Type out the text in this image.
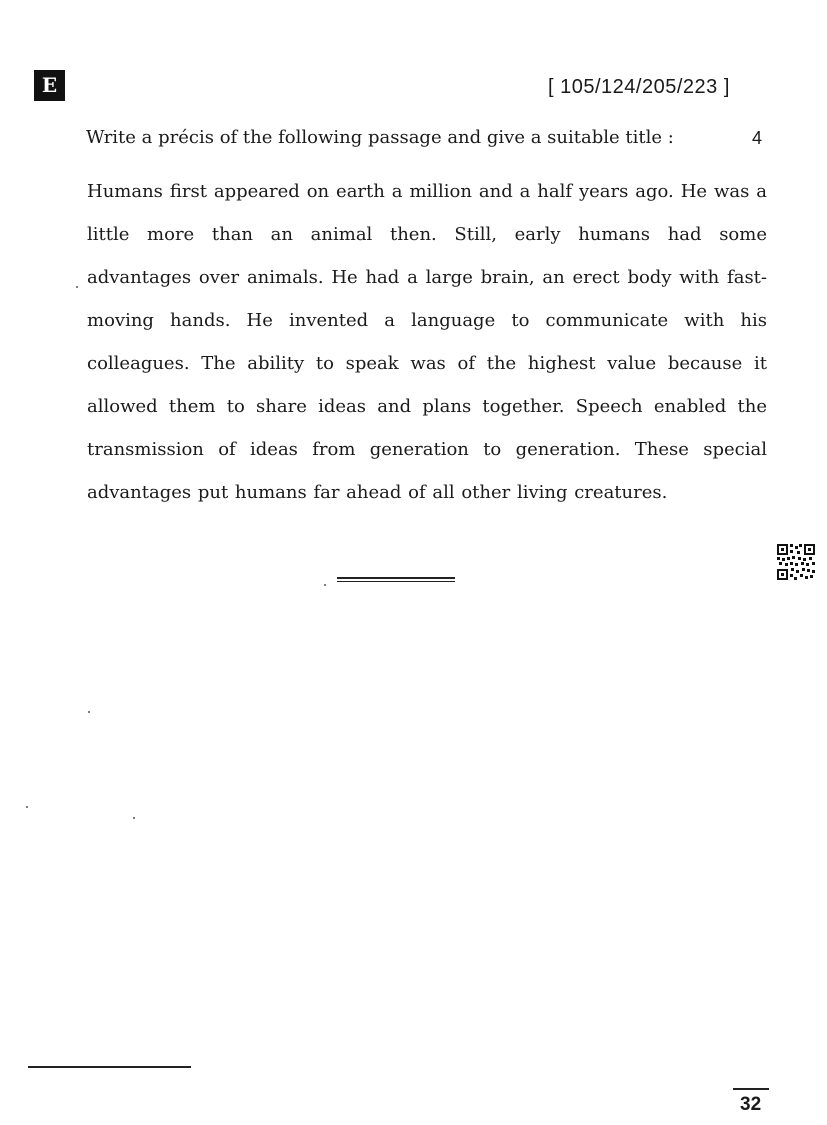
E	[ 105/124/205/223 ]
Write a précis of the following passage and give a suitable title :	4

Humans first appeared on earth a million and a half years ago. He was a little more than an animal then. Still, early humans had some advantages over animals. He had a large brain, an erect body with fast-moving hands. He invented a language to communicate with his colleagues. The ability to speak was of the highest value because it allowed them to share ideas and plans together. Speech enabled the transmission of ideas from generation to generation. These special advantages put humans far ahead of all other living creatures.

32
